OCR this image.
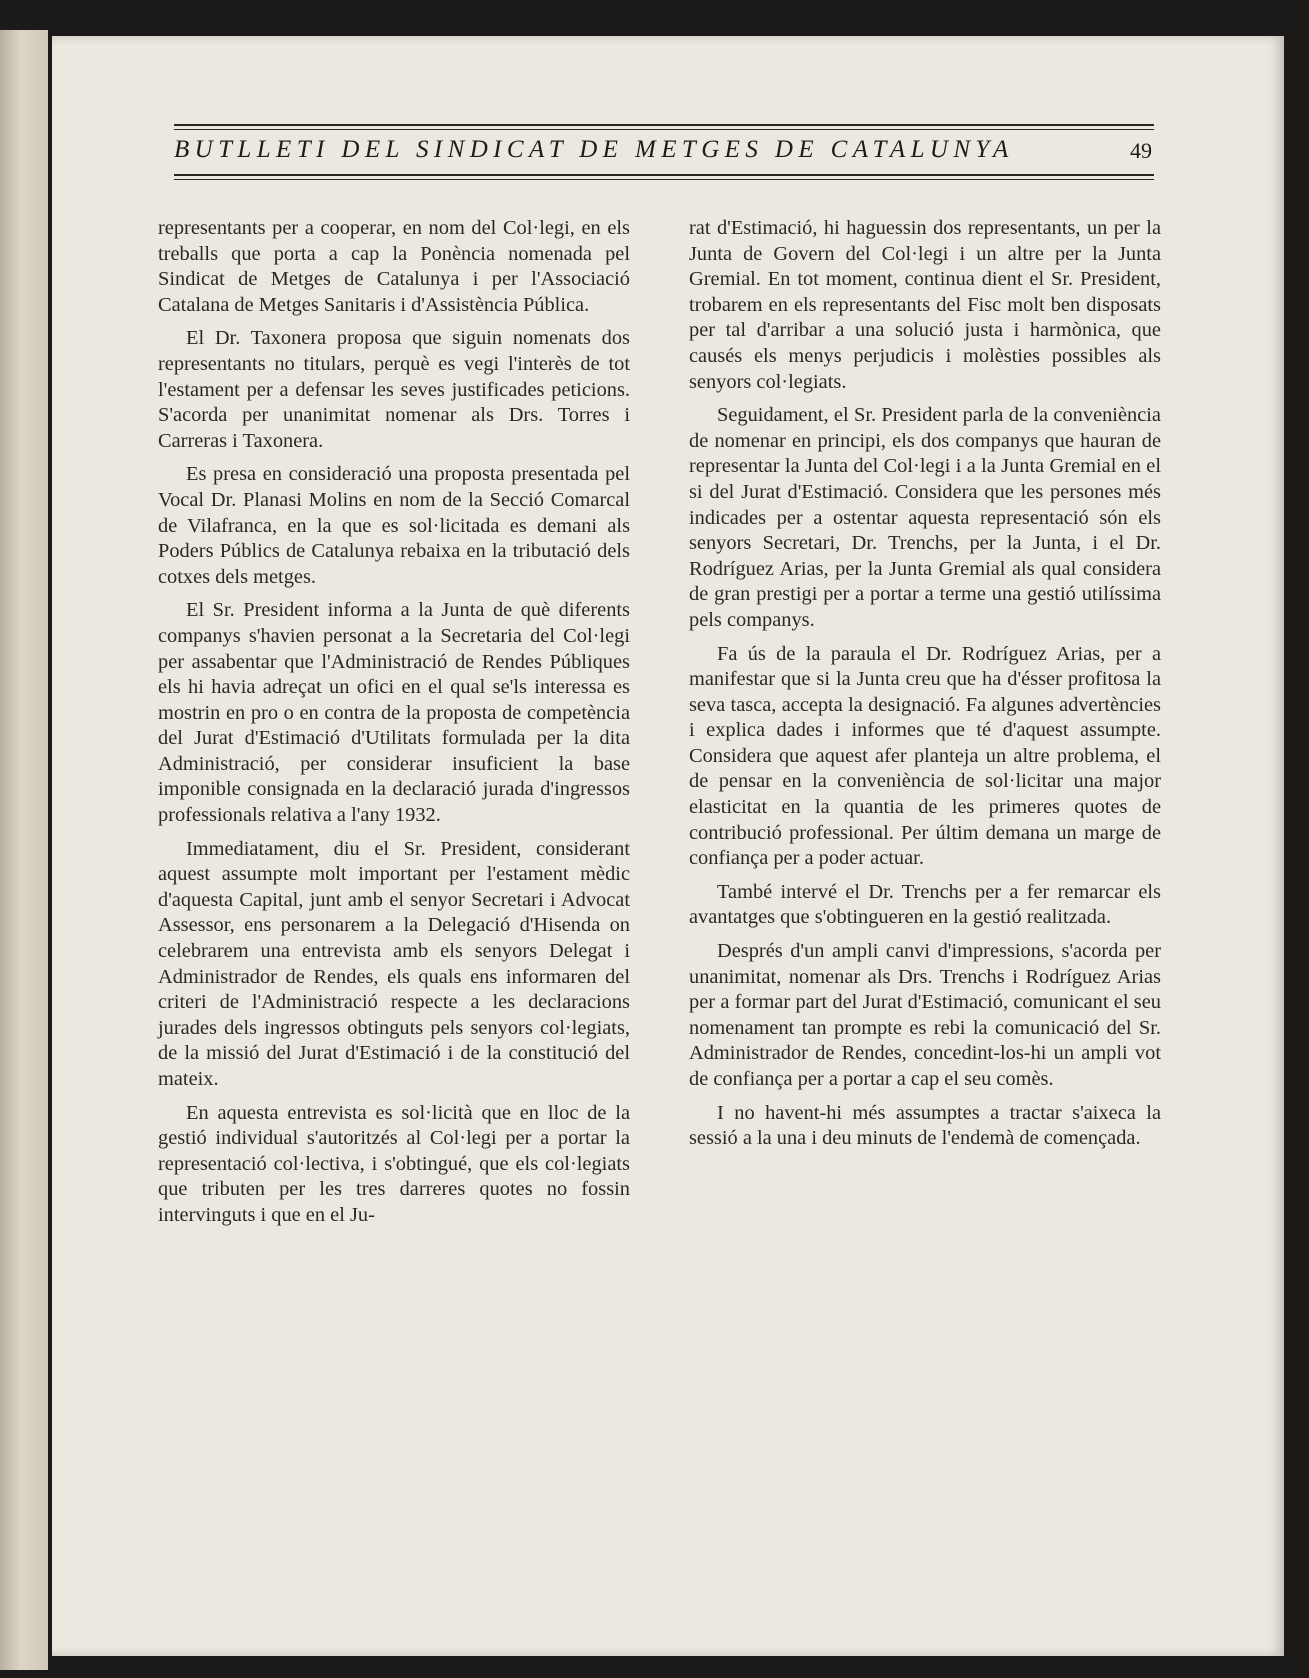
BUTLLETI DEL SINDICAT DE METGES DE CATALUNYA	49

representants per a cooperar, en nom del Col·legi, en els treballs que porta a cap la Ponència nomenada pel Sindicat de Metges de Catalunya i per l'Associació Catalana de Metges Sanitaris i d'Assistència Pública.

El Dr. Taxonera proposa que siguin nomenats dos representants no titulars, perquè es vegi l'interès de tot l'estament per a defensar les seves justificades peticions. S'acorda per unanimitat nomenar als Drs. Torres i Carreras i Taxonera.

Es presa en consideració una proposta presentada pel Vocal Dr. Planasi Molins en nom de la Secció Comarcal de Vilafranca, en la que es sol·licitada es demani als Poders Públics de Catalunya rebaixa en la tributació dels cotxes dels metges.

El Sr. President informa a la Junta de què diferents companys s'havien personat a la Secretaria del Col·legi per assabentar que l'Administració de Rendes Públiques els hi havia adreçat un ofici en el qual se'ls interessa es mostrin en pro o en contra de la proposta de competència del Jurat d'Estimació d'Utilitats formulada per la dita Administració, per considerar insuficient la base imponible consignada en la declaració jurada d'ingressos professionals relativa a l'any 1932.

Immediatament, diu el Sr. President, considerant aquest assumpte molt important per l'estament mèdic d'aquesta Capital, junt amb el senyor Secretari i Advocat Assessor, ens personarem a la Delegació d'Hisenda on celebrarem una entrevista amb els senyors Delegat i Administrador de Rendes, els quals ens informaren del criteri de l'Administració respecte a les declaracions jurades dels ingressos obtinguts pels senyors col·legiats, de la missió del Jurat d'Estimació i de la constitució del mateix.

En aquesta entrevista es sol·licità que en lloc de la gestió individual s'autoritzés al Col·legi per a portar la representació col·lectiva, i s'obtingué, que els col·legiats que tributen per les tres darreres quotes no fossin intervinguts i que en el Ju-

rat d'Estimació, hi haguessin dos representants, un per la Junta de Govern del Col·legi i un altre per la Junta Gremial. En tot moment, continua dient el Sr. President, trobarem en els representants del Fisc molt ben disposats per tal d'arribar a una solució justa i harmònica, que causés els menys perjudicis i molèsties possibles als senyors col·legiats.

Seguidament, el Sr. President parla de la conveniència de nomenar en principi, els dos companys que hauran de representar la Junta del Col·legi i a la Junta Gremial en el si del Jurat d'Estimació. Considera que les persones més indicades per a ostentar aquesta representació són els senyors Secretari, Dr. Trenchs, per la Junta, i el Dr. Rodríguez Arias, per la Junta Gremial als qual considera de gran prestigi per a portar a terme una gestió utilíssima pels companys.

Fa ús de la paraula el Dr. Rodríguez Arias, per a manifestar que si la Junta creu que ha d'ésser profitosa la seva tasca, accepta la designació. Fa algunes advertències i explica dades i informes que té d'aquest assumpte. Considera que aquest afer planteja un altre problema, el de pensar en la conveniència de sol·licitar una major elasticitat en la quantia de les primeres quotes de contribució professional. Per últim demana un marge de confiança per a poder actuar.

També intervé el Dr. Trenchs per a fer remarcar els avantatges que s'obtingueren en la gestió realitzada.

Després d'un ampli canvi d'impressions, s'acorda per unanimitat, nomenar als Drs. Trenchs i Rodríguez Arias per a formar part del Jurat d'Estimació, comunicant el seu nomenament tan prompte es rebi la comunicació del Sr. Administrador de Rendes, concedint-los-hi un ampli vot de confiança per a portar a cap el seu comès.

I no havent-hi més assumptes a tractar s'aixeca la sessió a la una i deu minuts de l'endemà de començada.
